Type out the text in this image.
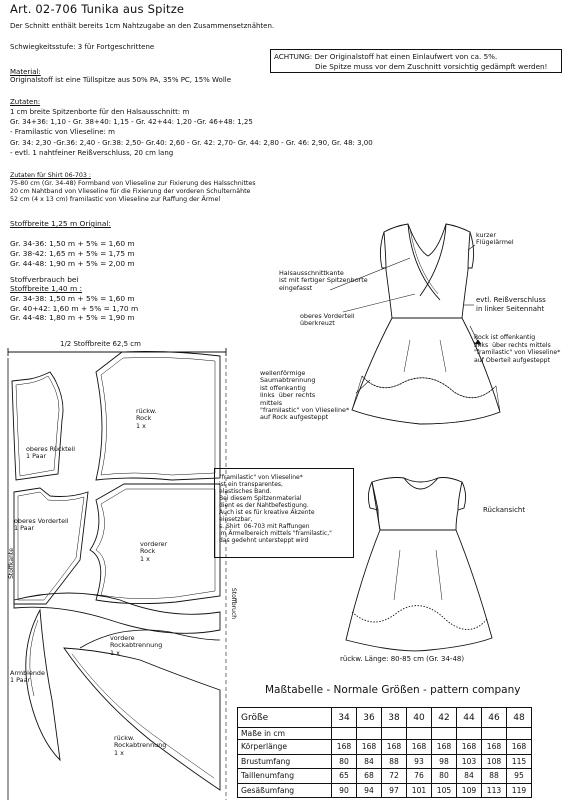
Art. 02-706 Tunika aus Spitze
Der Schnitt enthält bereits 1cm Nahtzugabe an den Zusammensetznähten.
Schwiegkeitsstufe: 3 für Fortgeschrittene
ACHTUNG: Der Originalstoff hat einen Einlaufwert von ca. 5%.
Die Spitze muss vor dem Zuschnitt vorsichtig gedämpft werden!
Material:
Originalstoff ist eine Tüllspitze aus 50% PA, 35% PC, 15% Wolle
Zutaten:
1 cm breite Spitzenborte für den Halsausschnitt: m
Gr. 34+36: 1,10 - Gr. 38+40: 1,15 - Gr. 42+44: 1,20 -Gr. 46+48: 1,25
- Framilastic von Vlieseline: m
Gr. 34: 2,30 -Gr.36: 2,40 - Gr.38: 2,50- Gr.40: 2,60 - Gr. 42: 2,70- Gr. 44: 2,80 - Gr. 46: 2,90, Gr. 48: 3,00
- evtl. 1 nahtfeiner Reißverschluss, 20 cm lang
Zutaten für Shirt 06-703 :
75-80 cm (Gr. 34-48) Formband von Vlieseline zur Fixierung des Halsschnittes
20 cm Nahtband von Vlieseline für die Fixierung der vorderen Schulternähte
52 cm (4 x 13 cm) framilastic von Vlieseline zur Raffung der Ärmel
Stoffbreite 1,25 m Original:
Gr. 34-36: 1,50 m + 5% = 1,60 m
Gr. 38-42: 1,65 m + 5% = 1,75 m
Gr. 44-48: 1,90 m + 5% = 2,00 m
Stoffverbrauch bei
Stoffbreite 1,40 m :
Gr. 34-38: 1,50 m + 5% = 1,60 m
Gr. 40+42: 1,60 m + 5% = 1,70 m
Gr. 44-48: 1,80 m + 5% = 1,90 m
1/2 Stoffbreite 62,5 cm
Stoffkante
Stoffbruch
rückw.
Rock
1 x
oberes Rückteil
1 Paar
oberes Vorderteil
1 Paar
vorderer
Rock
1 x
vordere
Rockabtrennung
1 x
Armblende
1 Paar
rückw.
Rockabtrennung
1 x
kurzer
Flügelärmel
Halsausschnittkante
ist mit fertiger Spitzenborte
eingefasst
evtl. Reißverschluss
in linker Seitennaht
oberes Vorderteil
überkreuzt
Rock ist offenkantig
links  über rechts mittels
"framilastic" von Vlieseline*
auf Oberteil aufgesteppt
wellenförmige
Saumabtrennung
ist offenkantig
links  über rechts
mittels
"framilastic" von Vlieseline*
auf Rock aufgesteppt
"framilastic" von Vlieseline*
ist ein transparentes,
elastisches Band.
Bei diesem Spitzenmaterial
dient es der Nahtbefestigung.
Auch ist es für kreative Akzente
einsetzbar,
s. Shirt  06-703 mit Raffungen
im Ärmelbereich mittels "framilastic,"
das gedehnt untersteppt wird
Rückansicht
rückw. Länge: 80-85 cm (Gr. 34-48)
Maßtabelle - Normale Größen - pattern company
Größe	34	36	38	40	42	44	46	48
Maße in cm								
Körperlänge	168	168	168	168	168	168	168	168
Brustumfang	80	84	88	93	98	103	108	115
Taillenumfang	65	68	72	76	80	84	88	95
Gesäßumfang	90	94	97	101	105	109	113	119
